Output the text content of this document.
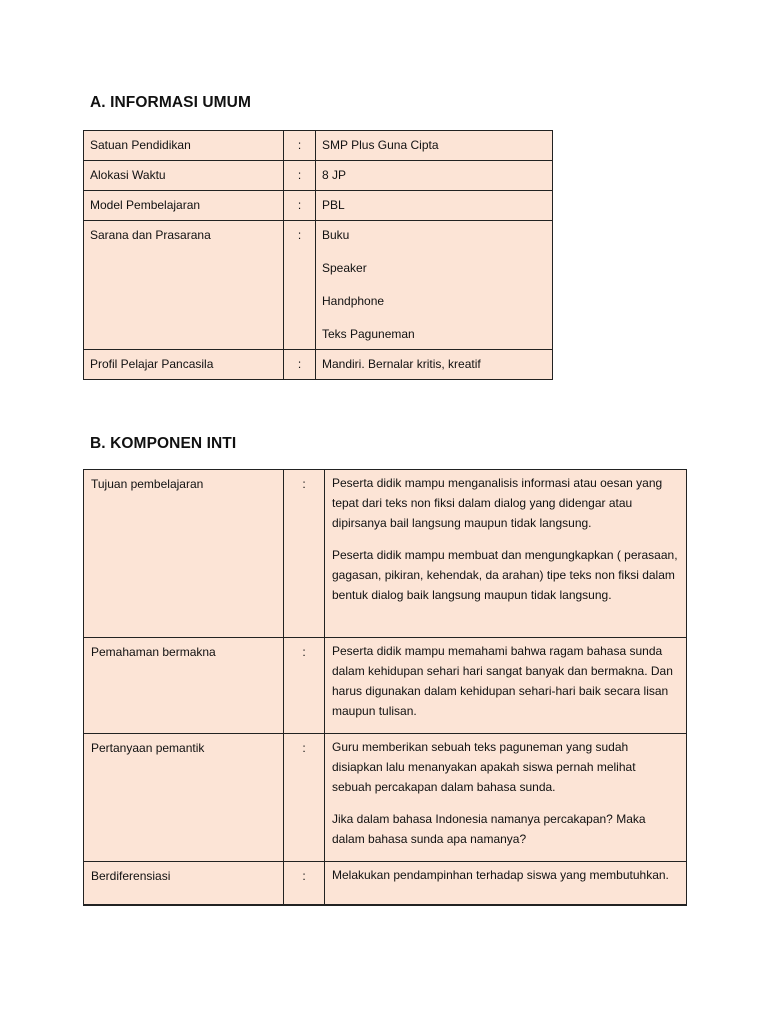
A. INFORMASI UMUM
Satuan Pendidikan	:	SMP Plus Guna Cipta
Alokasi Waktu	:	8 JP
Model Pembelajaran	:	PBL
Sarana dan Prasarana	:	Buku

Speaker

Handphone

Teks Paguneman

Profil Pelajar Pancasila	:	Mandiri. Bernalar kritis, kreatif
B. KOMPONEN INTI
Tujuan pembelajaran	:	Peserta didik mampu menganalisis informasi atau oesan yang tepat dari teks non fiksi dalam dialog yang didengar atau dipirsanya bail langsung maupun tidak langsung.

Peserta didik mampu membuat dan mengungkapkan ( perasaan, gagasan, pikiran, kehendak, da arahan) tipe teks non fiksi dalam bentuk dialog baik langsung maupun tidak langsung.

Pemahaman bermakna	:	Peserta didik mampu memahami bahwa ragam bahasa sunda dalam kehidupan sehari hari sangat banyak dan bermakna. Dan harus digunakan dalam kehidupan sehari-hari baik secara lisan maupun tulisan.

Pertanyaan pemantik	:	Guru memberikan sebuah teks paguneman yang sudah disiapkan lalu menanyakan apakah siswa pernah melihat sebuah percakapan dalam bahasa sunda.

Jika dalam bahasa Indonesia namanya percakapan? Maka dalam bahasa sunda apa namanya?

Berdiferensiasi	:	Melakukan pendampinhan terhadap siswa yang membutuhkan.
